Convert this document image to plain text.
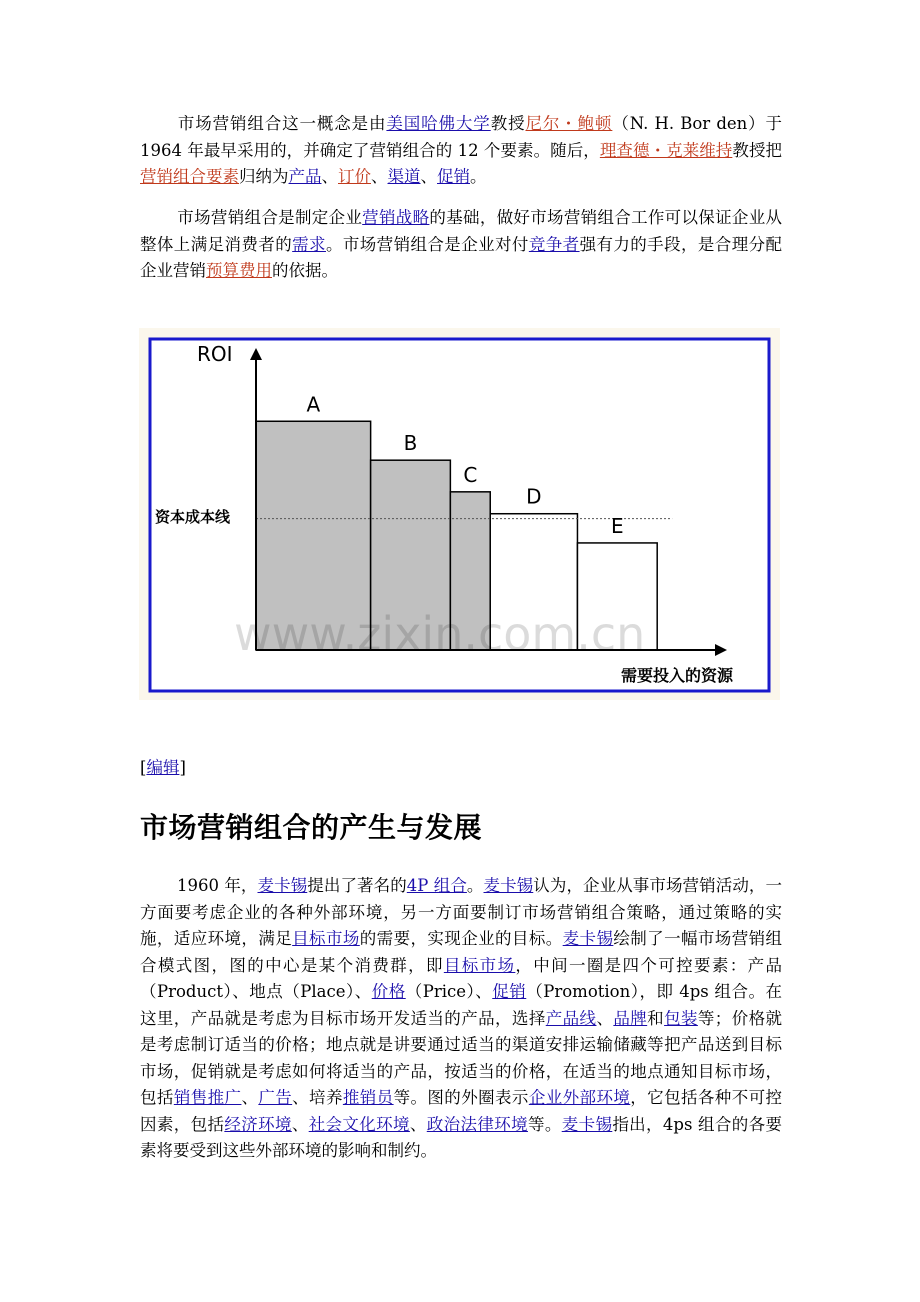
市场营销组合这一概念是由美国哈佛大学教授尼尔・鲍顿（N. H. Bor den）于 1964 年最早采用的，并确定了营销组合的 12 个要素。随后，理查德・克莱维持教授把营销组合要素归纳为产品、订价、渠道、促销。

市场营销组合是制定企业营销战略的基础，做好市场营销组合工作可以保证企业从整体上满足消费者的需求。市场营销组合是企业对付竞争者强有力的手段，是合理分配企业营销预算费用的依据。

资本成本线
ROI
需要投入的资源
A
B
C
D
E
www.zixin.com.cn
[编辑]
市场营销组合的产生与发展

1960 年，麦卡锡提出了著名的4P 组合。麦卡锡认为，企业从事市场营销活动，一方面要考虑企业的各种外部环境，另一方面要制订市场营销组合策略，通过策略的实施，适应环境，满足目标市场的需要，实现企业的目标。麦卡锡绘制了一幅市场营销组合模式图，图的中心是某个消费群，即目标市场，中间一圈是四个可控要素：产品（Product）、地点（Place）、价格（Price）、促销（Promotion），即 4ps 组合。在这里，产品就是考虑为目标市场开发适当的产品，选择产品线、品牌和包装等；价格就是考虑制订适当的价格；地点就是讲要通过适当的渠道安排运输储藏等把产品送到目标市场，促销就是考虑如何将适当的产品，按适当的价格，在适当的地点通知目标市场，包括销售推广、广告、培养推销员等。图的外圈表示企业外部环境，它包括各种不可控因素，包括经济环境、社会文化环境、政治法律环境等。麦卡锡指出，4ps 组合的各要素将要受到这些外部环境的影响和制约。
